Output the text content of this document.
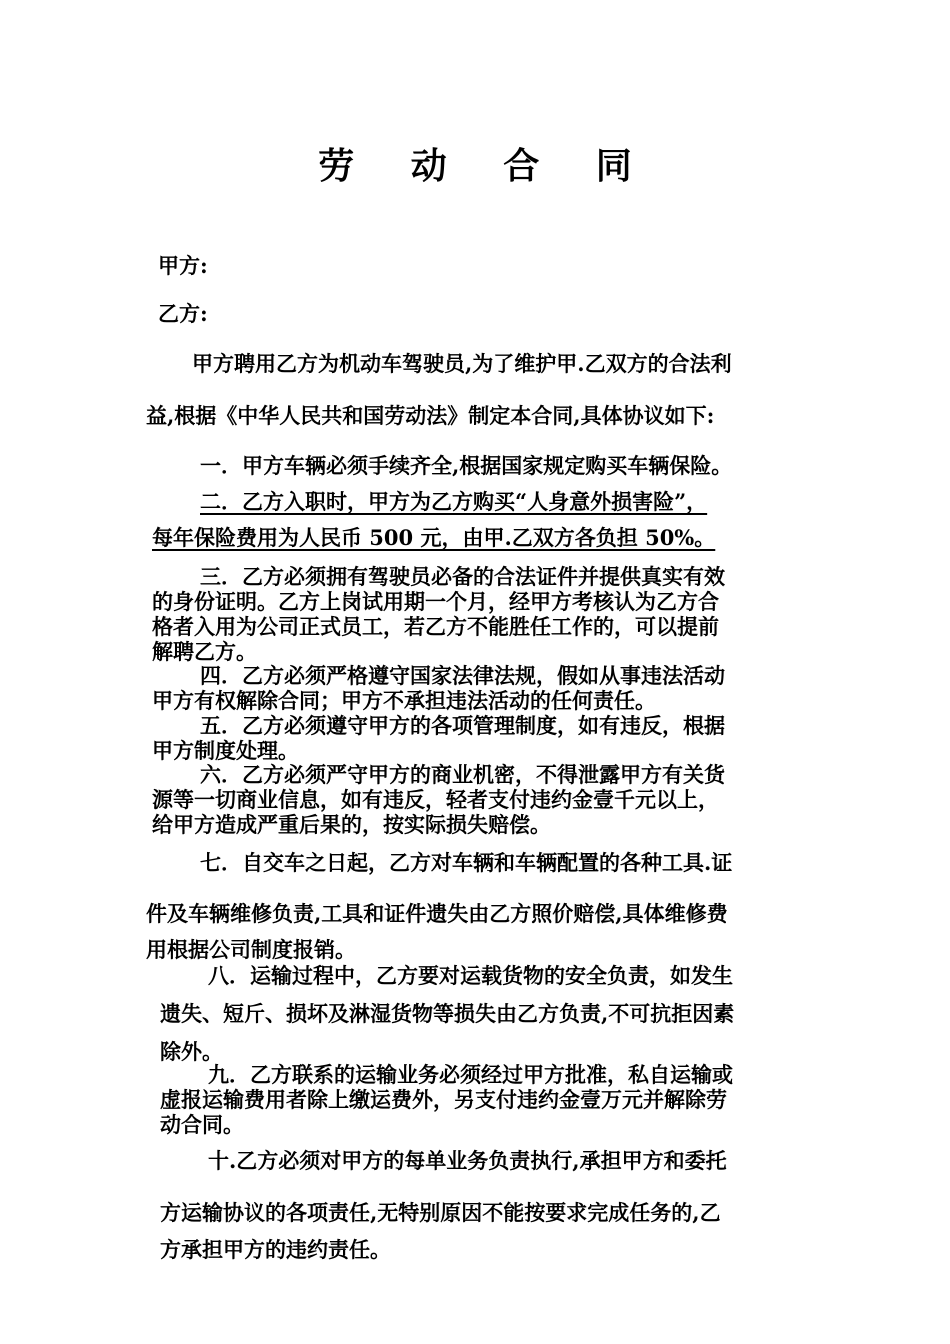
劳 动 合 同
甲方:
乙方:
甲方聘用乙方为机动车驾驶员,为了维护甲.乙双方的合法利
益,根据《中华人民共和国劳动法》制定本合同,具体协议如下:
一．甲方车辆必须手续齐全,根据国家规定购买车辆保险。
二．乙方入职时，甲方为乙方购买“人身意外损害险”，
每年保险费用为人民币 500 元，由甲.乙双方各负担 50%。
三．乙方必须拥有驾驶员必备的合法证件并提供真实有效
的身份证明。乙方上岗试用期一个月，经甲方考核认为乙方合
格者入用为公司正式员工，若乙方不能胜任工作的，可以提前
解聘乙方。
四．乙方必须严格遵守国家法律法规，假如从事违法活动
甲方有权解除合同；甲方不承担违法活动的任何责任。
五．乙方必须遵守甲方的各项管理制度，如有违反，根据
甲方制度处理。
六．乙方必须严守甲方的商业机密，不得泄露甲方有关货
源等一切商业信息，如有违反，轻者支付违约金壹千元以上，
给甲方造成严重后果的，按实际损失赔偿。
七．自交车之日起，乙方对车辆和车辆配置的各种工具.证
件及车辆维修负责,工具和证件遗失由乙方照价赔偿,具体维修费
用根据公司制度报销。
八．运输过程中，乙方要对运载货物的安全负责，如发生
遗失、短斤、损坏及淋湿货物等损失由乙方负责,不可抗拒因素
除外。
九．乙方联系的运输业务必须经过甲方批准，私自运输或
虚报运输费用者除上缴运费外，另支付违约金壹万元并解除劳
动合同。
十.乙方必须对甲方的每单业务负责执行,承担甲方和委托
方运输协议的各项责任,无特别原因不能按要求完成任务的,乙
方承担甲方的违约责任。
